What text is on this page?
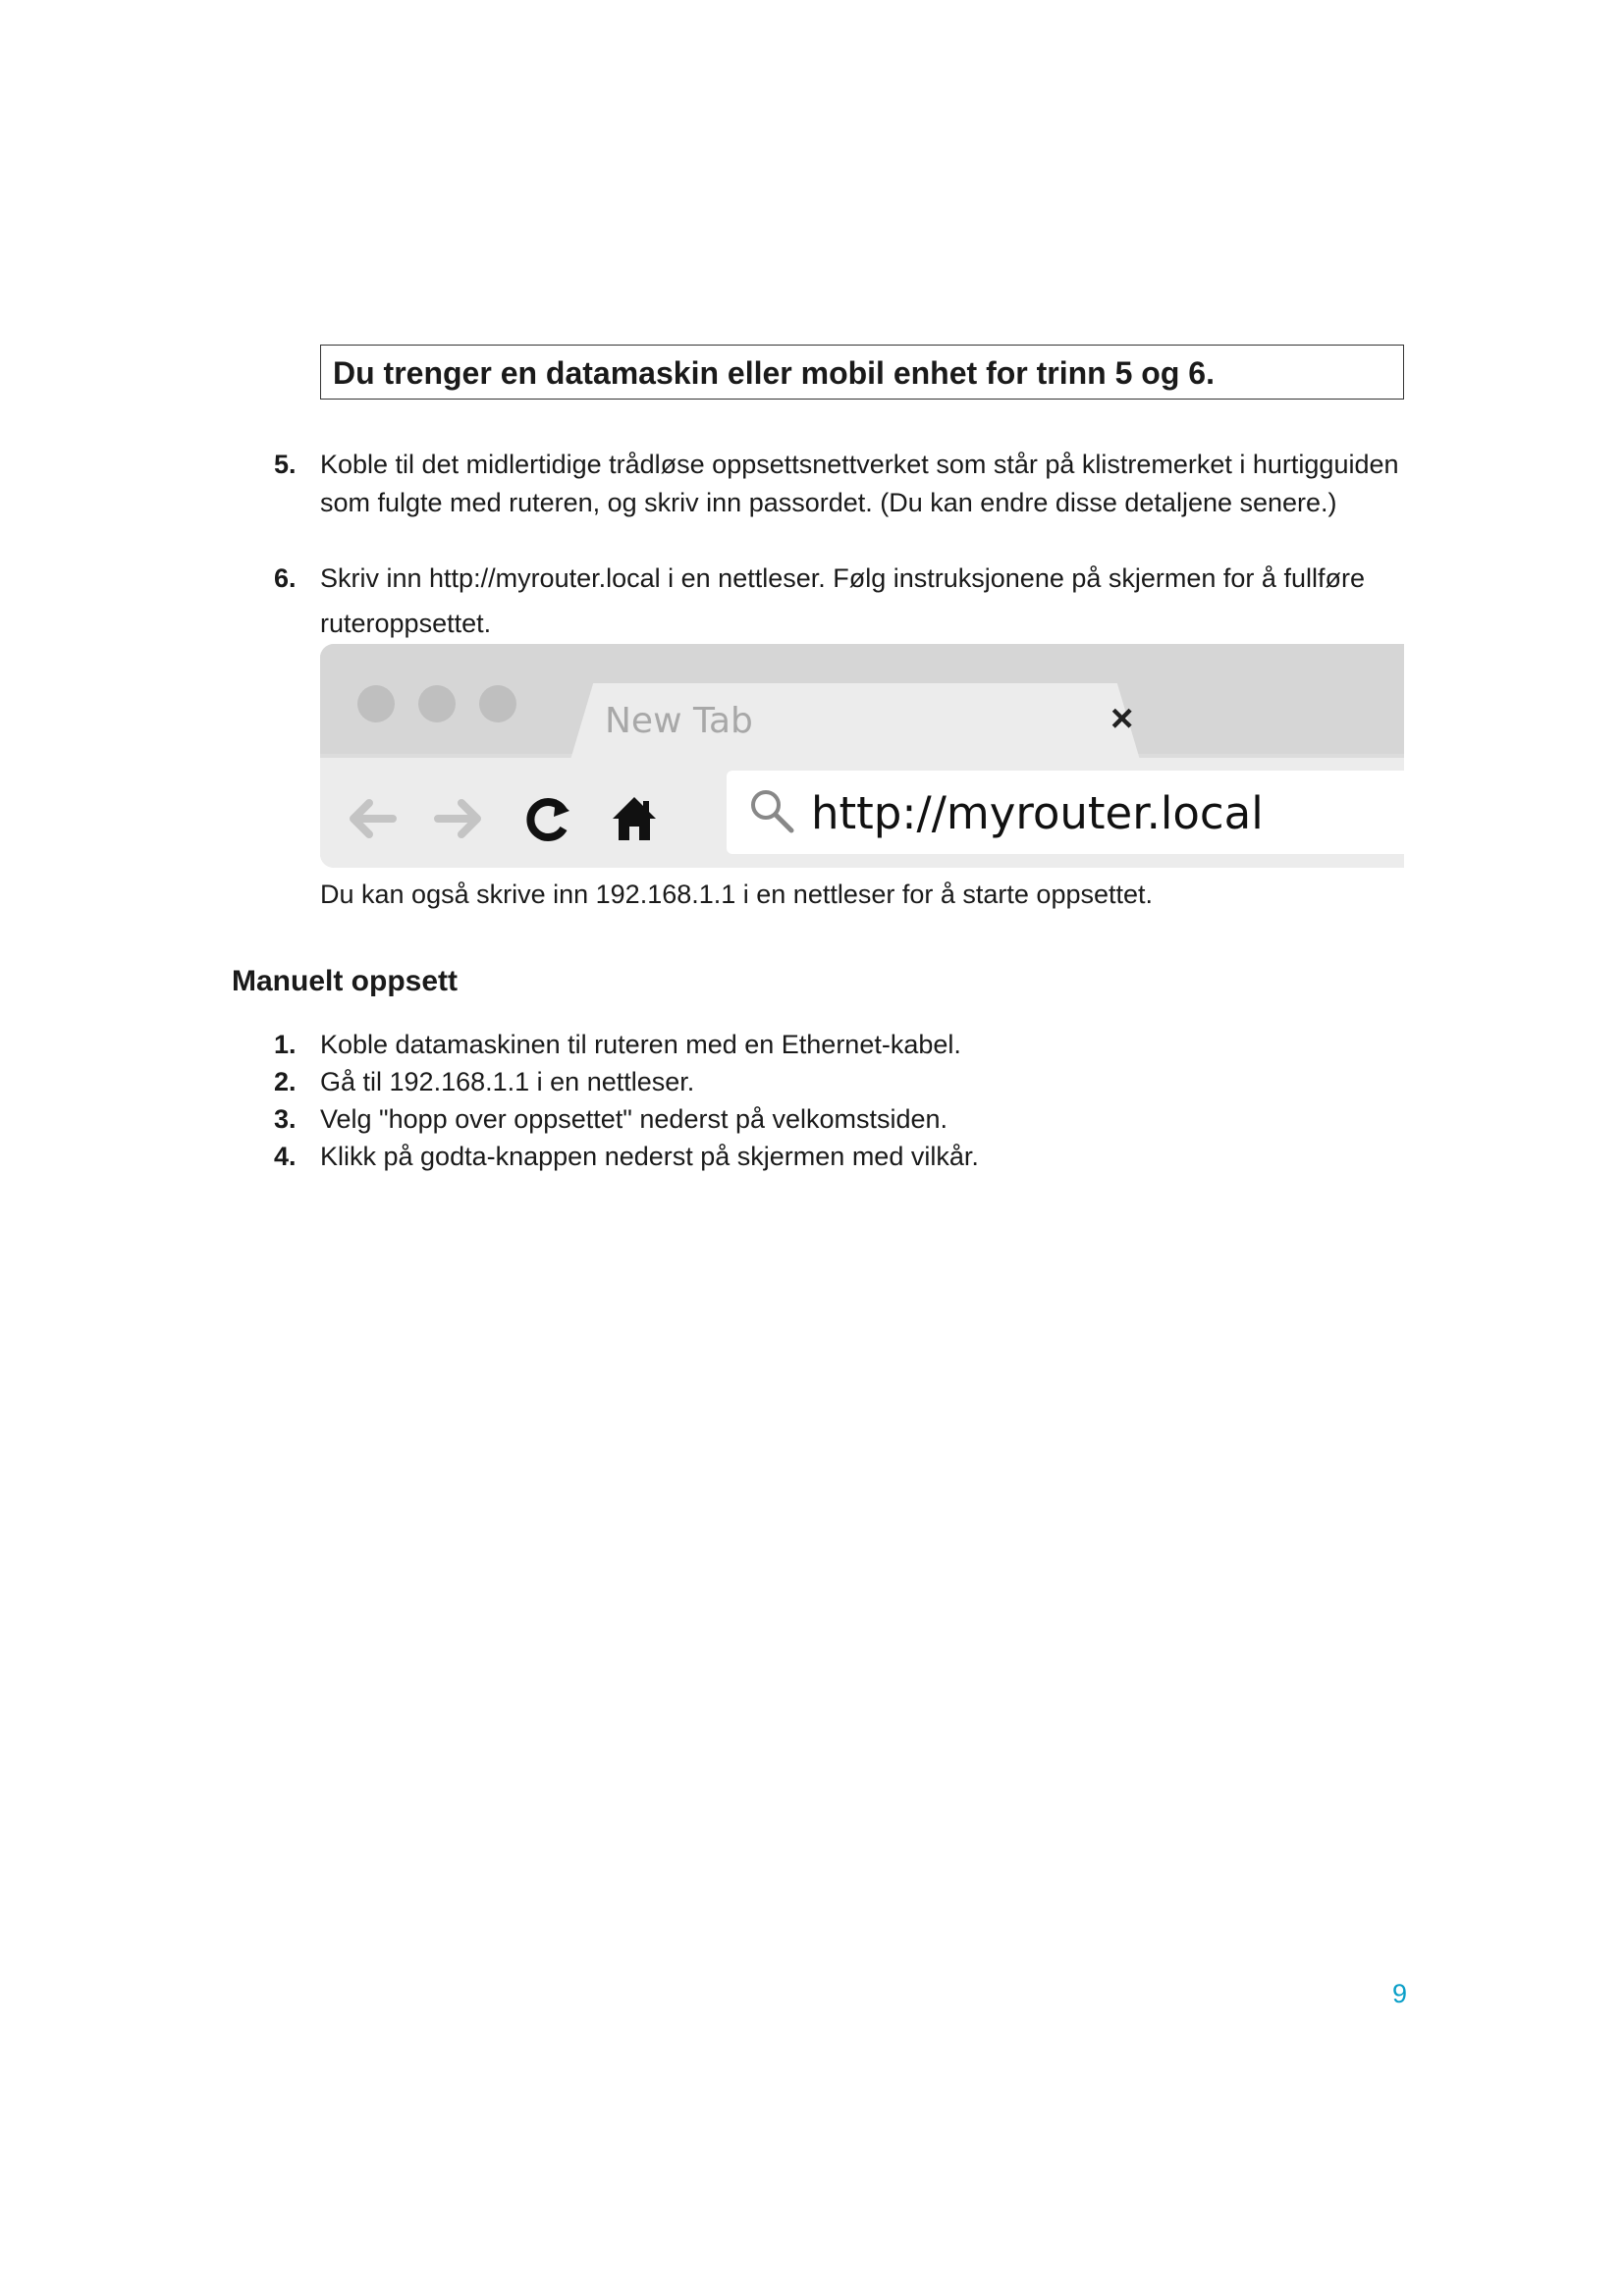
Du trenger en datamaskin eller mobil enhet for trinn 5 og 6.
5. Koble til det midlertidige trådløse oppsettsnettverket som står på klistremerket i hurtigguiden som fulgte med ruteren, og skriv inn passordet. (Du kan endre disse detaljene senere.)
6. Skriv inn http://myrouter.local i en nettleser. Følg instruksjonene på skjermen for å fullføre
ruteroppsettet.
New Tab	×
http://myrouter.local
Du kan også skrive inn 192.168.1.1 i en nettleser for å starte oppsettet.
Manuelt oppsett
1. Koble datamaskinen til ruteren med en Ethernet-kabel.
2. Gå til 192.168.1.1 i en nettleser.
3. Velg "hopp over oppsettet" nederst på velkomstsiden.
4. Klikk på godta-knappen nederst på skjermen med vilkår.
9
